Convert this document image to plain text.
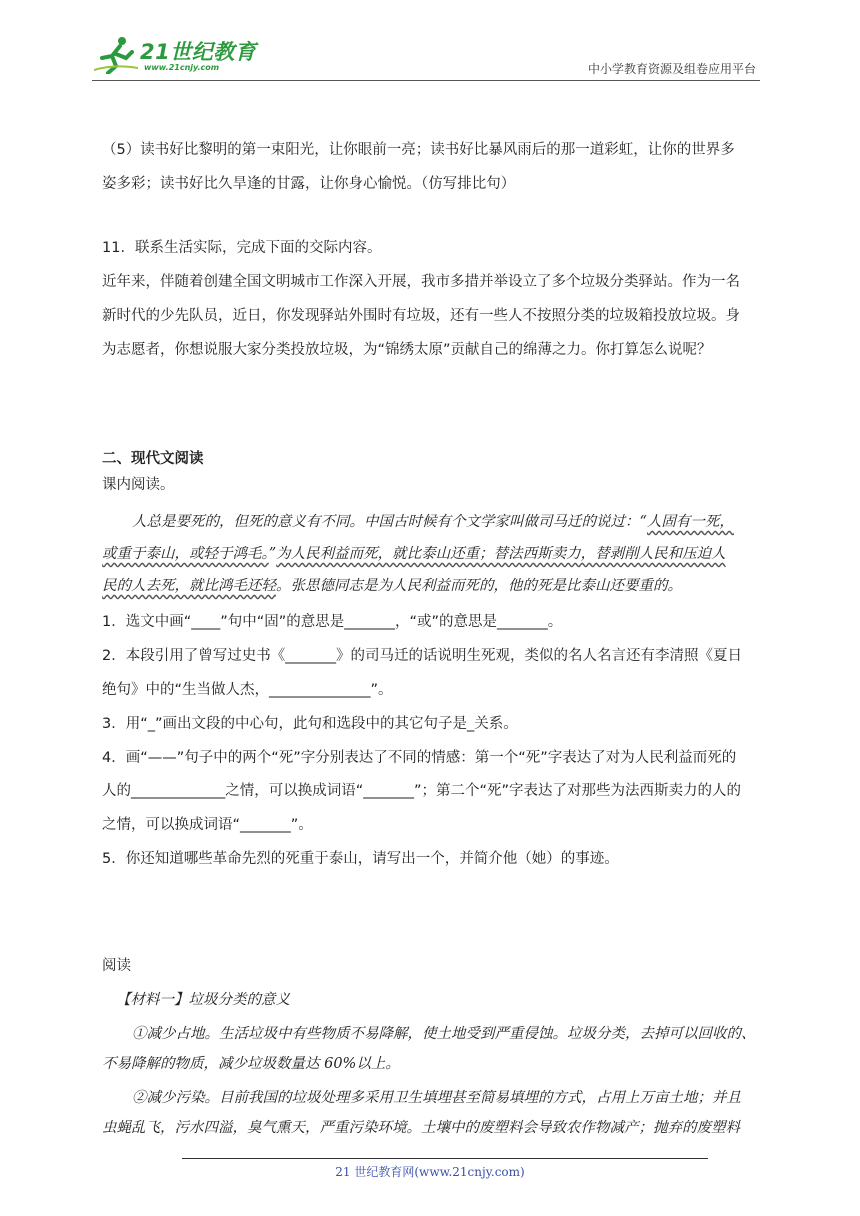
21世纪教育
www.21cnjy.com	中小学教育资源及组卷应用平台
（5）读书好比黎明的第一束阳光，让你眼前一亮；读书好比暴风雨后的那一道彩虹，让你的世界多
姿多彩；读书好比久旱逢的甘露，让你身心愉悦。（仿写排比句）
11．联系生活实际，完成下面的交际内容。
近年来，伴随着创建全国文明城市工作深入开展，我市多措并举设立了多个垃圾分类驿站。作为一名
新时代的少先队员，近日，你发现驿站外围时有垃圾，还有一些人不按照分类的垃圾箱投放垃圾。身
为志愿者，你想说服大家分类投放垃圾，为“锦绣太原”贡献自己的绵薄之力。你打算怎么说呢？
二、现代文阅读
课内阅读。
人总是要死的，但死的意义有不同。中国古时候有个文学家叫做司马迁的说过：“人固有一死，
或重于泰山，或轻于鸿毛。”为人民利益而死，就比泰山还重；替法西斯卖力，替剥削人民和压迫人
民的人去死，就比鸿毛还轻。张思德同志是为人民利益而死的，他的死是比泰山还要重的。
1．选文中画“____”句中“固”的意思是_______，“或”的意思是_______。
2．本段引用了曾写过史书《_______》的司马迁的话说明生死观，类似的名人名言还有李清照《夏日
绝句》中的“生当做人杰，______________”。
3．用“_”画出文段的中心句，此句和选段中的其它句子是_关系。
4．画“——”句子中的两个“死”字分别表达了不同的情感：第一个“死”字表达了对为人民利益而死的
人的_____________之情，可以换成词语“_______”；第二个“死”字表达了对那些为法西斯卖力的人的
之情，可以换成词语“_______”。
5．你还知道哪些革命先烈的死重于泰山，请写出一个，并简介他（她）的事迹。
阅读
【材料一】垃圾分类的意义
①减少占地。生活垃圾中有些物质不易降解，使土地受到严重侵蚀。垃圾分类，去掉可以回收的、
不易降解的物质，减少垃圾数量达 60%以上。
②减少污染。目前我国的垃圾处理多采用卫生填埋甚至简易填埋的方式，占用上万亩土地；并且
虫蝇乱飞，污水四溢，臭气熏天，严重污染环境。土壤中的废塑料会导致农作物减产；抛弃的废塑料
21 世纪教育网(www.21cnjy.com)
